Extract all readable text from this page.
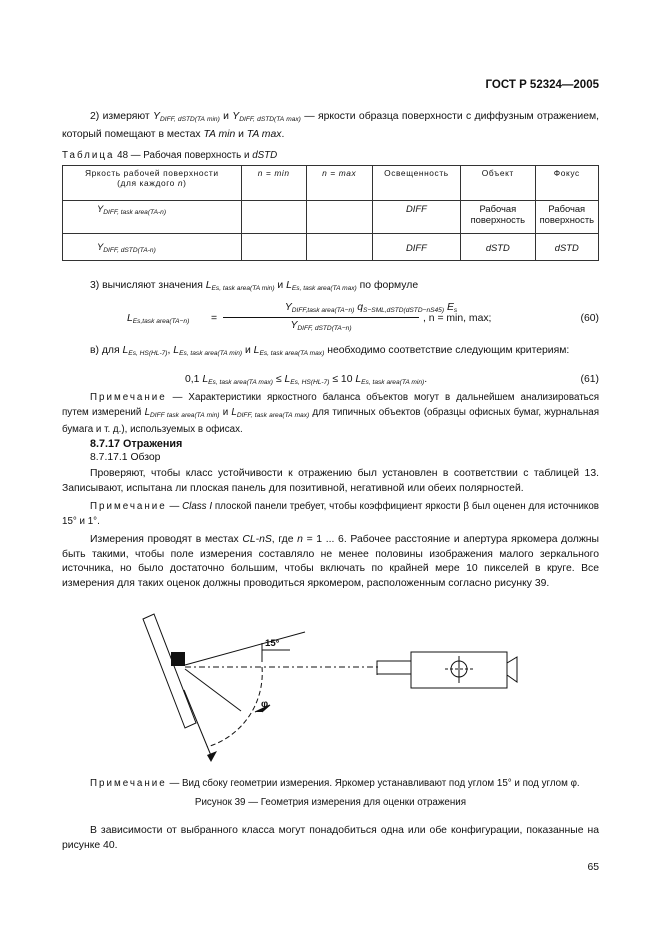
ГОСТ Р 52324—2005
2) измеряют $Y_{DIFF, dSTD(TA min)}$ и $Y_{DIFF, dSTD(TA max)}$ — яркости образца поверхности с диффузным отражением, который помещают в местах TA min и TA max.
Таблица 48 — Рабочая поверхность и dSTD
Яркость рабочей поверхности
(для каждого n)	n = min	n = max	Освещенность	Объект	Фокус
$Y_{DIFF, task area(TA-n)}$			DIFF	Рабочая поверхность	Рабочая поверхность
$Y_{DIFF, dSTD(TA-n)}$			DIFF	dSTD	dSTD
3) вычисляют значения $L_{Es, task area(TA min)}$ и $L_{Es, task area(TA max)}$ по формуле
$L_{Es,task area(TA-n)}$ =
$Y_{DIFF,task area(TA-n)}$ $q_{S-SML,dSTD(dSTD-nS45)}$ $E_s$
$Y_{DIFF, dSTD(TA-n)}$
, n = min, max;	(60)
в) для $L_{Es, HS(HL-7)}$, $L_{Es, task area(TA min)}$ и $L_{Es, task area(TA max)}$ необходимо соответствие следующим критериям:
0,1 $L_{Es, task area(TA max)} \le L_{Es, HS(HL-7)} \le 10$ $L_{Es, task area(TA min)}$.	(61)
Примечание — Характеристики яркостного баланса объектов могут в дальнейшем анализироваться путем измерений $L_{DIFF task area(TA min)}$ и $L_{DIFF, task area(TA max)}$ для типичных объектов (образцы офисных бумаг, журнальная бумага и т. д.), используемых в офисах.
8.7.17 Отражения
8.7.17.1 Обзор
Проверяют, чтобы класс устойчивости к отражению был установлен в соответствии с таблицей 13. Записывают, испытана ли плоская панель для позитивной, негативной или обеих полярностей.
Примечание — Class I плоской панели требует, чтобы коэффициент яркости β был оценен для источников 15° и 1°.
Измерения проводят в местах CL-nS, где n = 1 ... 6. Рабочее расстояние и апертура яркомера должны быть такими, чтобы поле измерения составляло не менее половины изображения малого зеркального источника, но было достаточно большим, чтобы включать по крайней мере 10 пикселей в круге. Все измерения для таких оценок должны проводиться яркомером, расположенным согласно рисунку 39.
15°
φ
Примечание — Вид сбоку геометрии измерения. Яркомер устанавливают под углом 15° и под углом φ.
Рисунок 39 — Геометрия измерения для оценки отражения
В зависимости от выбранного класса могут понадобиться одна или обе конфигурации, показанные на рисунке 40.
65
